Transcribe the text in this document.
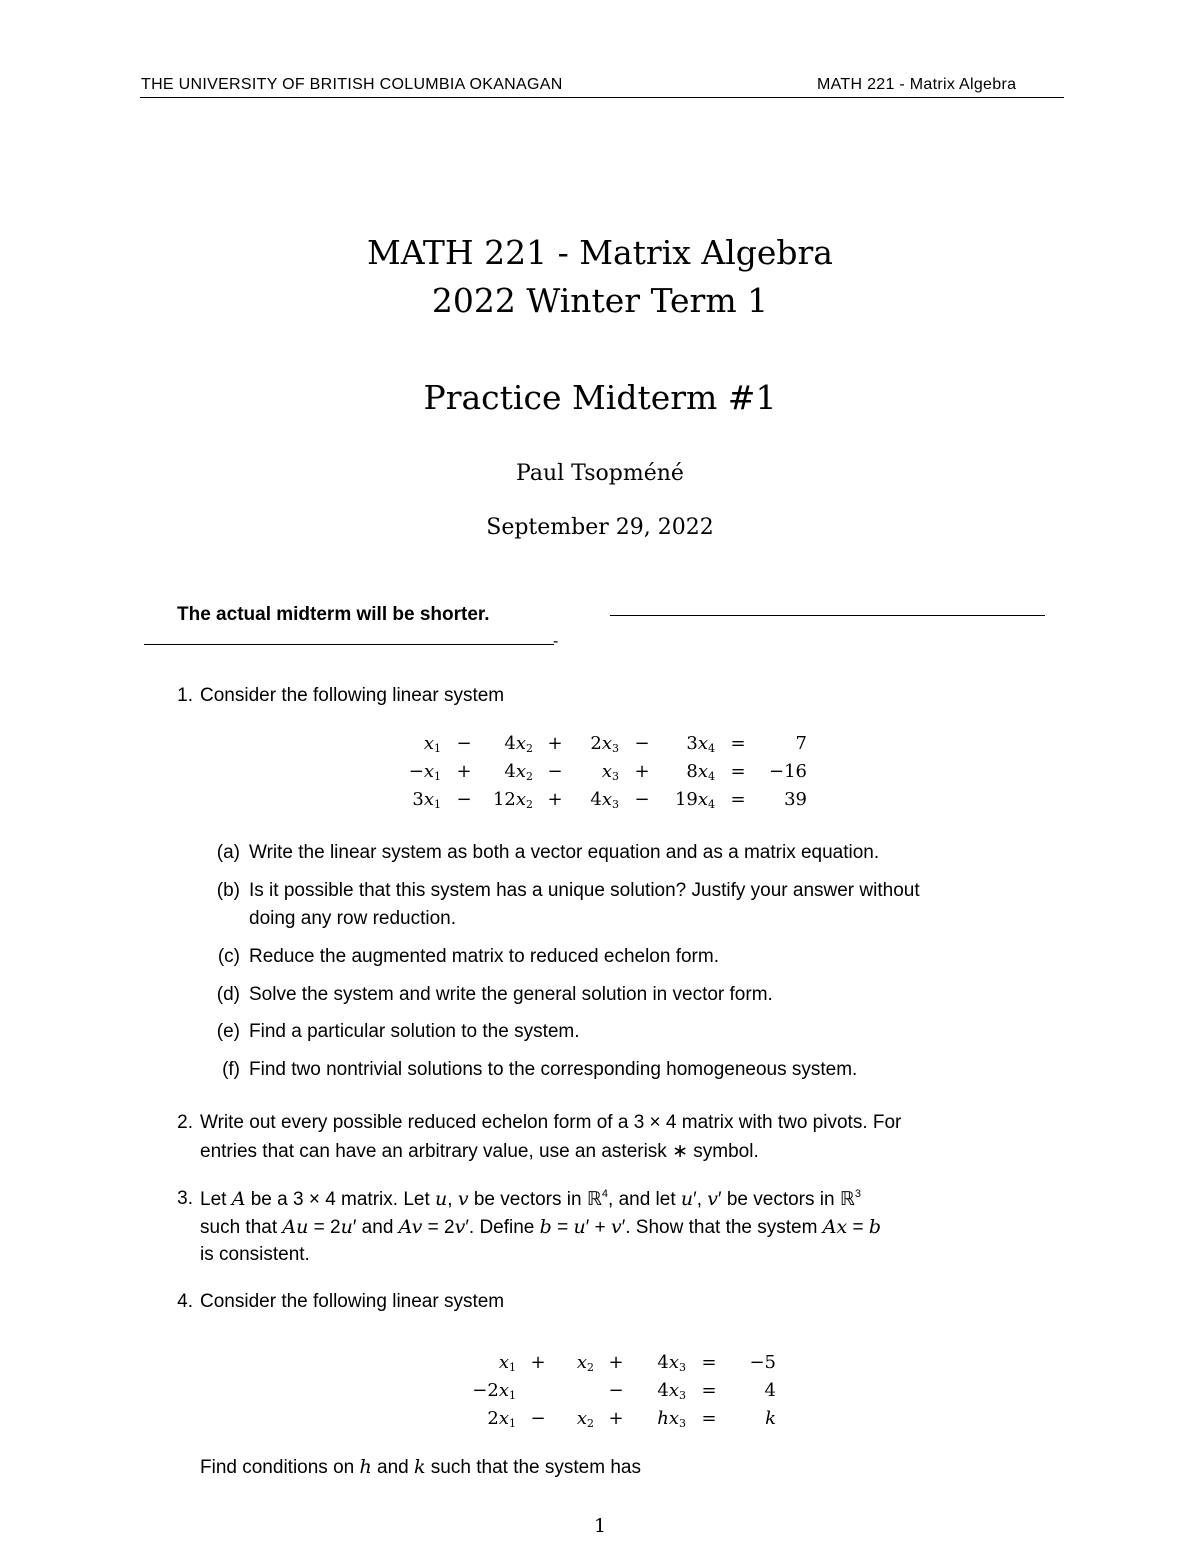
THE UNIVERSITY OF BRITISH COLUMBIA OKANAGAN	MATH 221 - Matrix Algebra
MATH 221 - Matrix Algebra
2022 Winter Term 1
Practice Midterm #1
Paul Tsopméné
September 29, 2022
The actual midterm will be shorter.
-
1. Consider the following linear system
$x_1$	−	$4x_2$	+	$2x_3$	−	$3x_4$	=	7
$-x_1$	+	$4x_2$	−	$x_3$	+	$8x_4$	=	−16
$3x_1$	−	$12x_2$	+	$4x_3$	−	$19x_4$	=	39
(a) Write the linear system as both a vector equation and as a matrix equation.
(b) Is it possible that this system has a unique solution? Justify your answer without
doing any row reduction.
(c) Reduce the augmented matrix to reduced echelon form.
(d) Solve the system and write the general solution in vector form.
(e) Find a particular solution to the system.
(f) Find two nontrivial solutions to the corresponding homogeneous system.
2. Write out every possible reduced echelon form of a 3 × 4 matrix with two pivots. For
entries that can have an arbitrary value, use an asterisk ∗ symbol.
3. Let A be a 3 × 4 matrix. Let u, v be vectors in ℝ$^4$, and let u′, v′ be vectors in ℝ$^3$
such that Au = 2u′ and Av = 2v′. Define b = u′ + v′. Show that the system Ax = b
is consistent.
4. Consider the following linear system
$x_1$	+	$x_2$	+	$4x_3$	=	−5
$-2x_1$			−	$4x_3$	=	4
$2x_1$	−	$x_2$	+	$hx_3$	=	k
Find conditions on h and k such that the system has
1
